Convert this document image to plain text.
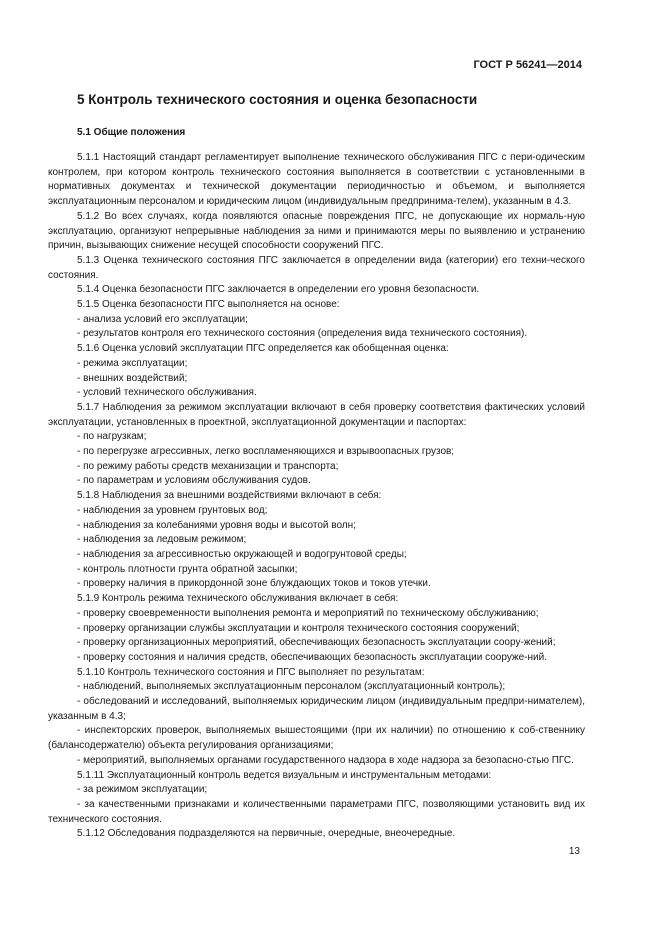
ГОСТ Р 56241—2014
5 Контроль технического состояния и оценка безопасности
5.1 Общие положения
5.1.1 Настоящий стандарт регламентирует выполнение технического обслуживания ПГС с пери-одическим контролем, при котором контроль технического состояния выполняется в соответствии с установленными в нормативных документах и технической документации периодичностью и объемом, и выполняется эксплуатационным персоналом и юридическим лицом (индивидуальным предпринима-телем), указанным в 4.3.
5.1.2 Во всех случаях, когда появляются опасные повреждения ПГС, не допускающие их нормаль-ную эксплуатацию, организуют непрерывные наблюдения за ними и принимаются меры по выявлению и устранению причин, вызывающих снижение несущей способности сооружений ПГС.
5.1.3 Оценка технического состояния ПГС заключается в определении вида (категории) его техни-ческого состояния.
5.1.4 Оценка безопасности ПГС заключается в определении его уровня безопасности.
5.1.5 Оценка безопасности ПГС выполняется на основе:
- анализа условий его эксплуатации;
- результатов контроля его технического состояния (определения вида технического состояния).
5.1.6 Оценка условий эксплуатации ПГС определяется как обобщенная оценка:
- режима эксплуатации;
- внешних воздействий;
- условий технического обслуживания.
5.1.7 Наблюдения за режимом эксплуатации включают в себя проверку соответствия фактических условий эксплуатации, установленных в проектной, эксплуатационной документации и паспортах:
- по нагрузкам;
- по перегрузке агрессивных, легко воспламеняющихся и взрывоопасных грузов;
- по режиму работы средств механизации и транспорта;
- по параметрам и условиям обслуживания судов.
5.1.8 Наблюдения за внешними воздействиями включают в себя:
- наблюдения за уровнем грунтовых вод;
- наблюдения за колебаниями уровня воды и высотой волн;
- наблюдения за ледовым режимом;
- наблюдения за агрессивностью окружающей и водогрунтовой среды;
- контроль плотности грунта обратной засыпки;
- проверку наличия в прикордонной зоне блуждающих токов и токов утечки.
5.1.9 Контроль режима технического обслуживания включает в себя:
- проверку своевременности выполнения ремонта и мероприятий по техническому обслуживанию;
- проверку организации службы эксплуатации и контроля технического состояния сооружений;
- проверку организационных мероприятий, обеспечивающих безопасность эксплуатации соору-жений;
- проверку состояния и наличия средств, обеспечивающих безопасность эксплуатации сооруже-ний.
5.1.10 Контроль технического состояния и ПГС выполняет по результатам:
- наблюдений, выполняемых эксплуатационным персоналом (эксплуатационный контроль);
- обследований и исследований, выполняемых юридическим лицом (индивидуальным предпри-нимателем), указанным в 4.3;
- инспекторских проверок, выполняемых вышестоящими (при их наличии) по отношению к соб-ственнику (балансодержателю) объекта регулирования организациями;
- мероприятий, выполняемых органами государственного надзора в ходе надзора за безопасно-стью ПГС.
5.1.11 Эксплуатационный контроль ведется визуальным и инструментальным методами:
- за режимом эксплуатации;
- за качественными признаками и количественными параметрами ПГС, позволяющими установить вид их технического состояния.
5.1.12 Обследования подразделяются на первичные, очередные, внеочередные.
13
